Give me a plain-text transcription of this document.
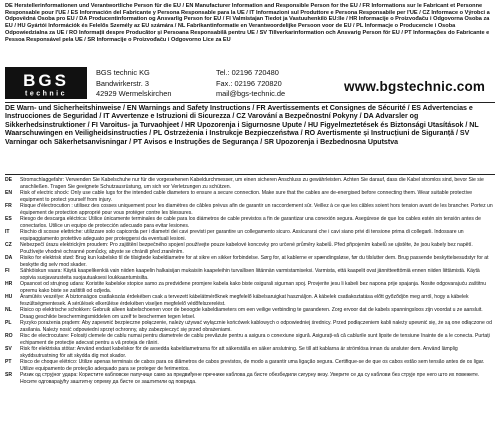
DE Herstellerinformationen und Verantwortliche Person für die EU / EN Manufacturer Information and Responsible Person for the EU / FR Informations sur le Fabricant et Personne Responsable pour l'UE / ES Información del Fabricante y Persona Responsable para la UE / IT Informazioni sul Produttore e Persona Responsabile per l'UE / CZ Informace o Výrobci a Odpovědná Osoba pro EU / DA Producentinformation og Ansvarlig Person for EU / FI Valmistajan Tiedot ja Vastuuhenkilö EU:lle / HR Informacije o Proizvođaču i Odgovorna Osoba za EU / HU Gyártói Információk és Felelős Személy az EU számára / NL Fabrikantinformatie en Verantwoordelijke Persoon voor de EU / PL Informacje o Producencie i Osoba Odpowiedzialna za UE / RO Informații despre Producător și Persoana Responsabilă pentru UE / SV Tillverkarinformation och Ansvarig Person för EU / PT Informações do Fabricante e Pessoa Responsável pela UE / SR Informacije o Proizvođaču i Odgovorno Lice za EU
BGS
technic
BGS technic KG	Tel.: 02196 720480
Bandwirkerstr. 3	Fax.: 02196 720820
42929 Wermelskirchen	mail@bgs-technic.de	www.bgstechnic.com
DE Warn- und Sicherheitshinweise / EN Warnings and Safety Instructions / FR Avertissements et Consignes de Sécurité / ES Advertencias e Instrucciones de Seguridad / IT Avvertenze e Istruzioni di Sicurezza / CZ Varování a Bezpečnostní Pokyny / DA Advarsler og Sikkerhedsinstruktioner / FI Varoitus- ja Turvaohjeet / HR Upozorenja i Sigurnosne Upute / HU Figyelmeztetések és Biztonsági Utasítások / NL Waarschuwingen en Veiligheidsinstructies / PL Ostrzeżenia i Instrukcje Bezpieczeństwa / RO Avertismente și Instrucțiuni de Siguranță / SV Varningar och Säkerhetsanvisningar / PT Avisos e Instruções de Segurança / SR Upozorenja i Bezbednosna Uputstva
DE	Stromschlaggefahr: Verwenden Sie Kabelschuhe nur für die vorgesehenen Kabeldurchmesser, um einen sicheren Anschluss zu gewährleisten. Achten Sie darauf, dass die Kabel stromlos sind, bevor Sie sie anschließen. Tragen Sie geeignete Schutzausrüstung, um sich vor Verletzungen zu schützen.
EN	Risk of electric shock: Only use cable lugs for the intended cable diameters to ensure a secure connection. Make sure that the cables are de-energised before connecting them. Wear suitable protective equipment to protect yourself from injury.
FR	Risque d'électrocution : utilisez des cosses uniquement pour les diamètres de câbles prévus afin de garantir un raccordement sûr. Veillez à ce que les câbles soient hors tension avant de les brancher. Portez un équipement de protection approprié pour vous protéger contre les blessures.
ES	Riesgo de descarga eléctrica: Utilice únicamente terminales de cable para los diámetros de cable previstos a fin de garantizar una conexión segura. Asegúrese de que los cables estén sin tensión antes de conectarlos. Utilice un equipo de protección adecuado para evitar lesiones.
IT	Rischio di scosse elettriche: utilizzare solo capicorda per i diametri dei cavi previsti per garantire un collegamento sicuro. Assicurarsi che i cavi siano privi di tensione prima di collegarli. Indossare un equipaggiamento protettivo adeguato per proteggersi da eventuali lesioni.
CZ	Nebezpečí úrazu elektrickým proudem: Pro zajištění bezpečného spojení používejte pouze kabelové koncovky pro určené průměry kabelů. Před připojením kabelů se ujistěte, že jsou kabely bez napětí. Používejte vhodné ochranné pomůcky, abyste se chránili před zraněním.
DA	Risiko for elektrisk stød: Brug kun kabelsko til de tilsigtede kabeldiametre for at sikre en sikker forbindelse. Sørg for, at kablerne er spændingsløse, før du tilslutter dem. Brug passende beskyttelsesudstyr for at beskytte dig selv mod skader.
FI	Sähköiskun vaara: Käytä kaapelikenkiä vain niiden kaapelin halkaisijan mukaisiin kaapeleihin turvallisen liitännän varmistamiseksi. Varmista, että kaapelit ovat jännitteettömiä ennen niiden liittämistä. Käytä sopivia suojavarusteita suojautuaksesi loukkaantumisilta.
HR	Opasnost od strujnog udara: Koristite kabelske stopice samo za predviđene promjere kabela kako biste osigurali sigurnan spoj. Provjerite jesu li kabeli bez napona prije spajanja. Nosite odgovarajuću zaštitnu opremu kako biste se zaštitili od ozljeda.
HU	Áramütés veszélye: A biztonságos csatlakozás érdekében csak a tervezett kábelátmérőknek megfelelő kábelsaruigkat használjon. A kábelek csatlakoztatása előtt győződjön meg arról, hogy a kábelek feszültségmentesek. A sérülések elkerülése érdekében viseljen megfelelő védőfelszerelést.
NL	Risico op elektrische schokken: Gebruik alleen kabelschoenen voor de beoogde kabeldiameters om een veilige verbinding te garanderen. Zorg ervoor dat de kabels spanningsloos zijn voordat u ze aansluit. Draag geschikte beschermingsmiddelen om uzelf te beschermen tegen letsel.
PL	Ryzyko porażenia prądem: Aby zapewnić bezpieczne połączenie, należy używać wyłącznie końcówek kablowych o odpowiedniej średnicy. Przed podłączeniem kabli należy upewnić się, że są one odłączone od zasilania. Należy nosić odpowiedni sprzęt ochronny, aby zabezpieczyć się przed obrażeniami.
RO	Risc de electrocutare: Folosiți clemele de cablu numai pentru diametrele de cablu prevăzute pentru a asigura o conexiune sigură. Asigurați-vă că cablurile sunt lipsite de tensiune înainte de a le conecta. Purtați echipament de protecție adecvat pentru a vă proteja de răniri.
SV	Risk för elektriska stötar: Använd endast kabelskor för de avsedda kabeldiametrarna för att säkerställa en säker anslutning. Se till att kablarna är strömlösa innan du ansluter dem. Använd lämplig skyddsutrustning för att skydda dig mot skador.
PT	Risco de choque elétrico: Utilize apenas terminais de cabos para os diâmetros de cabos previstos, de modo a garantir uma ligação segura. Certifique-se de que os cabos estão sem tensão antes de os ligar. Utilize equipamento de proteção adequado para se proteger de ferimentos.
SR	Ризик од струјног удара: Користите кабловске папучице само за предвиђене пречнике каблова да бисте обезбедили сигурну везу. Уверите се да су каблови без струје пре него што их повежете. Носите одговарајућу заштитну опрему да бисте се заштитили од повреда.
